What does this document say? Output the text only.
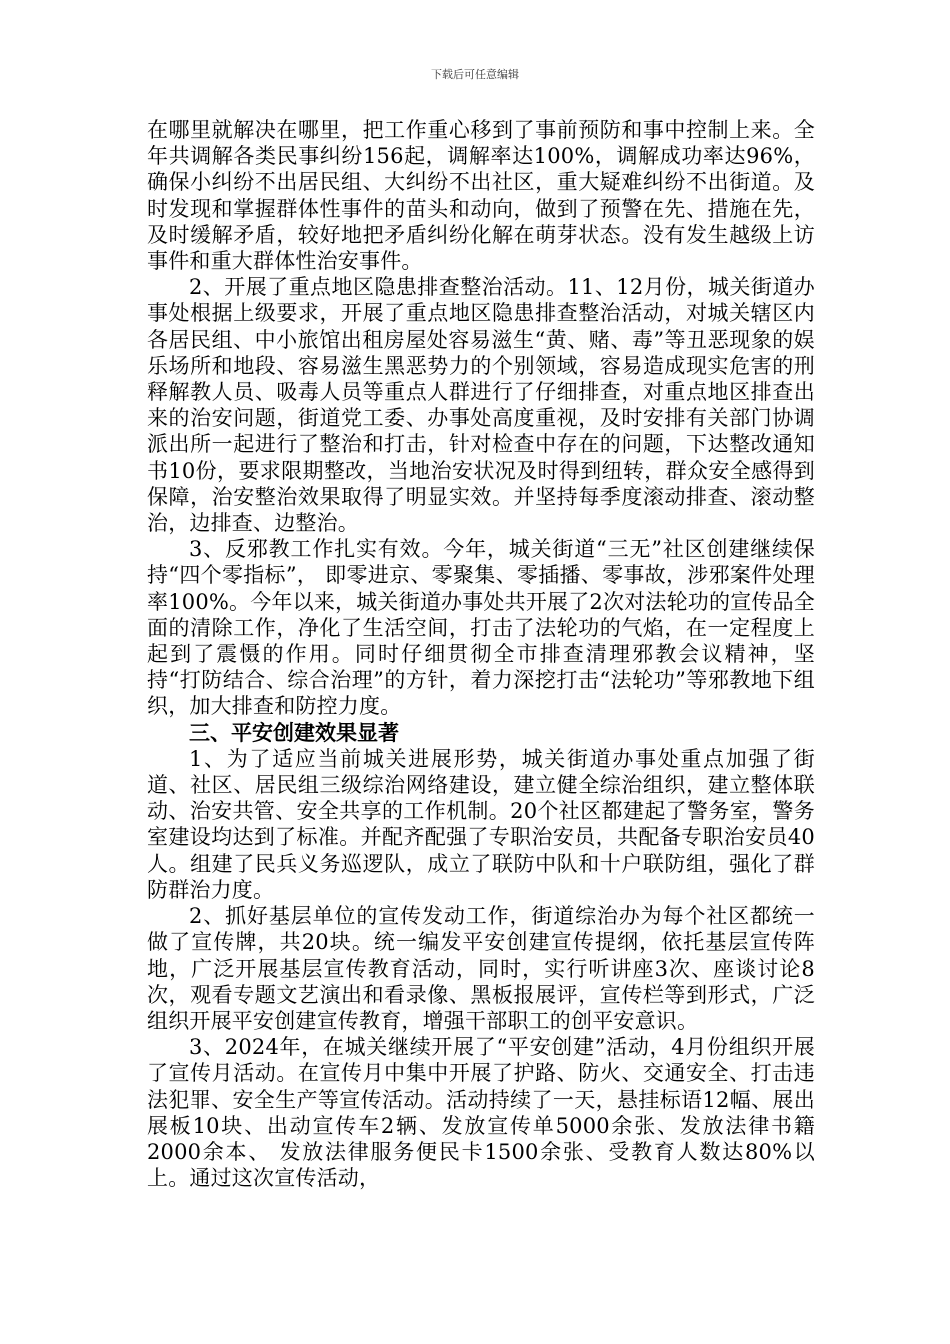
下载后可任意编辑

在哪里就解决在哪里，把工作重心移到了事前预防和事中控制上来。全年共调解各类民事纠纷156起，调解率达100%，调解成功率达96%，确保小纠纷不出居民组、大纠纷不出社区，重大疑难纠纷不出街道。及时发现和掌握群体性事件的苗头和动向，做到了预警在先、措施在先，及时缓解矛盾，较好地把矛盾纠纷化解在萌芽状态。没有发生越级上访事件和重大群体性治安事件。

2、开展了重点地区隐患排查整治活动。11、12月份，城关街道办事处根据上级要求，开展了重点地区隐患排查整治活动，对城关辖区内各居民组、中小旅馆出租房屋处容易滋生“黄、赌、毒”等丑恶现象的娱乐场所和地段、容易滋生黑恶势力的个别领域，容易造成现实危害的刑释解教人员、吸毒人员等重点人群进行了仔细排查，对重点地区排查出来的治安问题，街道党工委、办事处高度重视，及时安排有关部门协调派出所一起进行了整治和打击，针对检查中存在的问题，下达整改通知书10份，要求限期整改，当地治安状况及时得到纽转，群众安全感得到保障，治安整治效果取得了明显实效。并坚持每季度滚动排查、滚动整治，边排查、边整治。

3、反邪教工作扎实有效。今年，城关街道“三无”社区创建继续保持“四个零指标”， 即零进京、零聚集、零插播、零事故，涉邪案件处理率100%。今年以来，城关街道办事处共开展了2次对法轮功的宣传品全面的清除工作，净化了生活空间，打击了法轮功的气焰，在一定程度上起到了震慑的作用。同时仔细贯彻全市排查清理邪教会议精神，坚持“打防结合、综合治理”的方针，着力深挖打击“法轮功”等邪教地下组织，加大排查和防控力度。

三、平安创建效果显著

1、为了适应当前城关进展形势，城关街道办事处重点加强了街道、社区、居民组三级综治网络建设，建立健全综治组织，建立整体联动、治安共管、安全共享的工作机制。20个社区都建起了警务室，警务室建设均达到了标准。并配齐配强了专职治安员，共配备专职治安员40人。组建了民兵义务巡逻队，成立了联防中队和十户联防组，强化了群防群治力度。

2、抓好基层单位的宣传发动工作，街道综治办为每个社区都统一做了宣传牌，共20块。统一编发平安创建宣传提纲，依托基层宣传阵地，广泛开展基层宣传教育活动，同时，实行听讲座3次、座谈讨论8次，观看专题文艺演出和看录像、黑板报展评，宣传栏等到形式，广泛组织开展平安创建宣传教育，增强干部职工的创平安意识。

3、2024年，在城关继续开展了“平安创建”活动，4月份组织开展了宣传月活动。在宣传月中集中开展了护路、防火、交通安全、打击违法犯罪、安全生产等宣传活动。活动持续了一天，悬挂标语12幅、展出展板10块、出动宣传车2辆、发放宣传单5000余张、发放法律书籍2000余本、 发放法律服务便民卡1500余张、受教育人数达80%以上。通过这次宣传活动，
